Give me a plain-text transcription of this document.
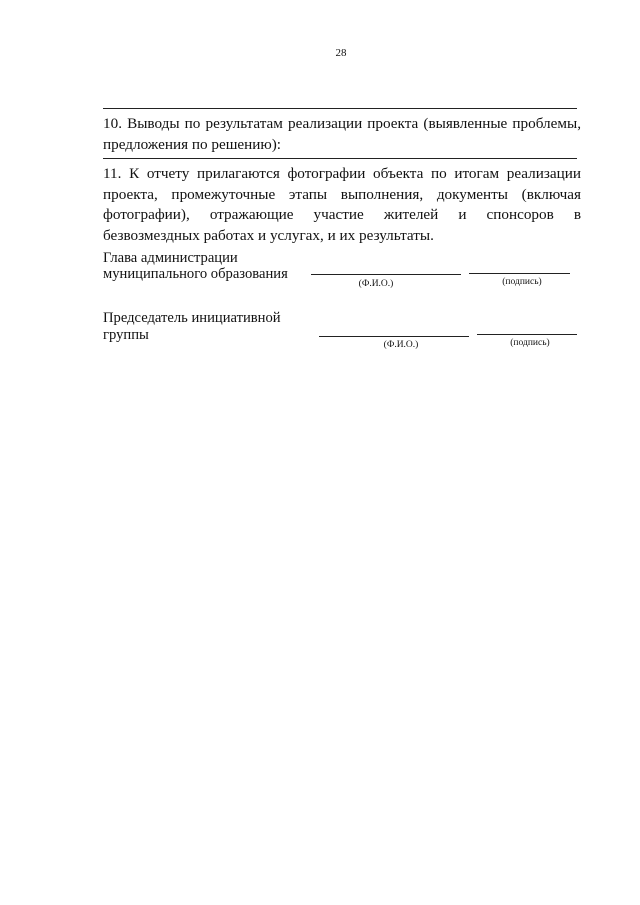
28
10. Выводы по результатам реализации проекта (выявленные проблемы, предложения по решению):
11. К отчету прилагаются фотографии объекта по итогам реализации проекта, промежуточные этапы выполнения, документы (включая фотографии), отражающие участие жителей и спонсоров в безвозмездных работах и услугах, и их результаты.
Глава администрации
муниципального образования
(Ф.И.О.)	(подпись)
Председатель инициативной
группы
(Ф.И.О.)	(подпись)
